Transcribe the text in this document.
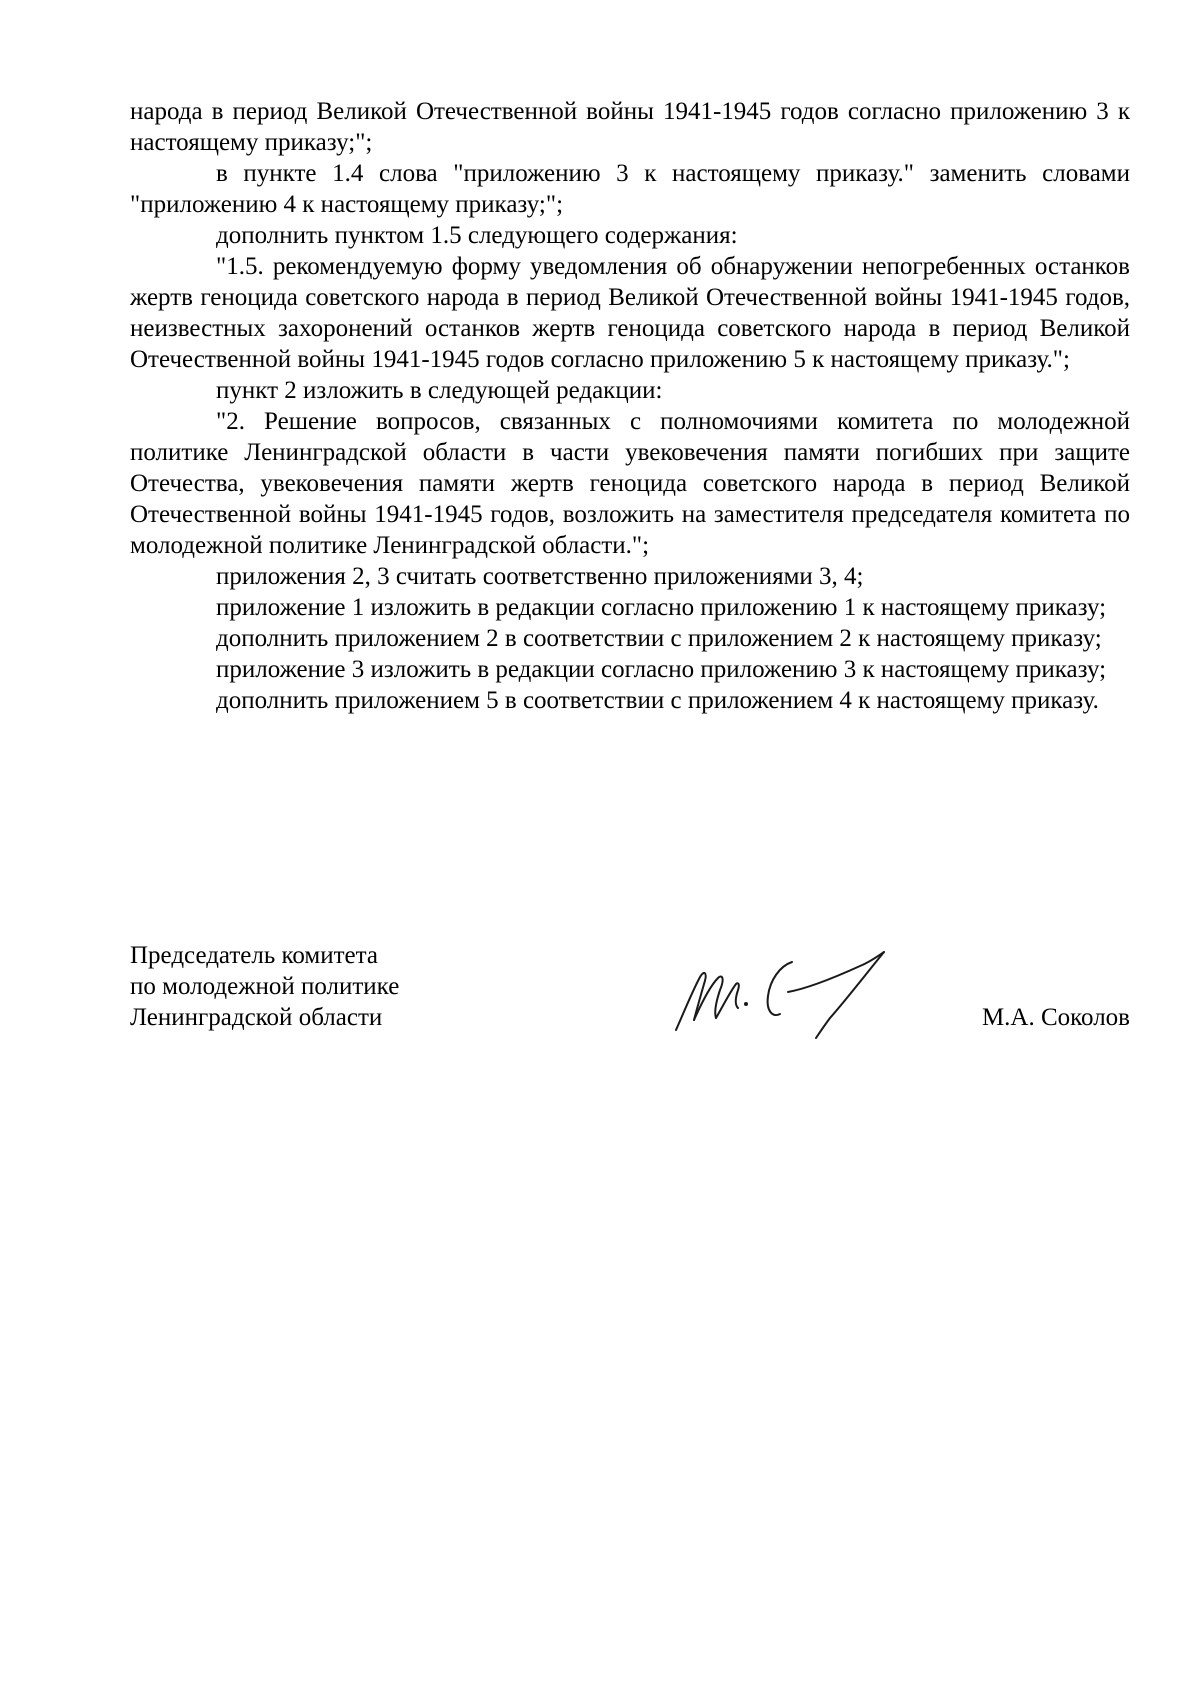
народа в период Великой Отечественной войны 1941-1945 годов согласно приложению 3 к настоящему приказу;";

в пункте 1.4 слова "приложению 3 к настоящему приказу." заменить словами "приложению 4 к настоящему приказу;";

дополнить пунктом 1.5 следующего содержания:

"1.5. рекомендуемую форму уведомления об обнаружении непогребенных останков жертв геноцида советского народа в период Великой Отечественной войны 1941-1945 годов, неизвестных захоронений останков жертв геноцида советского народа в период Великой Отечественной войны 1941-1945 годов согласно приложению 5 к настоящему приказу.";

пункт 2 изложить в следующей редакции:

"2. Решение вопросов, связанных с полномочиями комитета по молодежной политике Ленинградской области в части увековечения памяти погибших при защите Отечества, увековечения памяти жертв геноцида советского народа в период Великой Отечественной войны 1941-1945 годов, возложить на заместителя председателя комитета по молодежной политике Ленинградской области.";

приложения 2, 3 считать соответственно приложениями 3, 4;

приложение 1 изложить в редакции согласно приложению 1 к настоящему приказу;

дополнить приложением 2 в соответствии с приложением 2 к настоящему приказу;

приложение 3 изложить в редакции согласно приложению 3 к настоящему приказу;

дополнить приложением 5 в соответствии с приложением 4 к настоящему приказу.

Председатель комитета
по молодежной политике
Ленинградской области	М.А. Соколов
